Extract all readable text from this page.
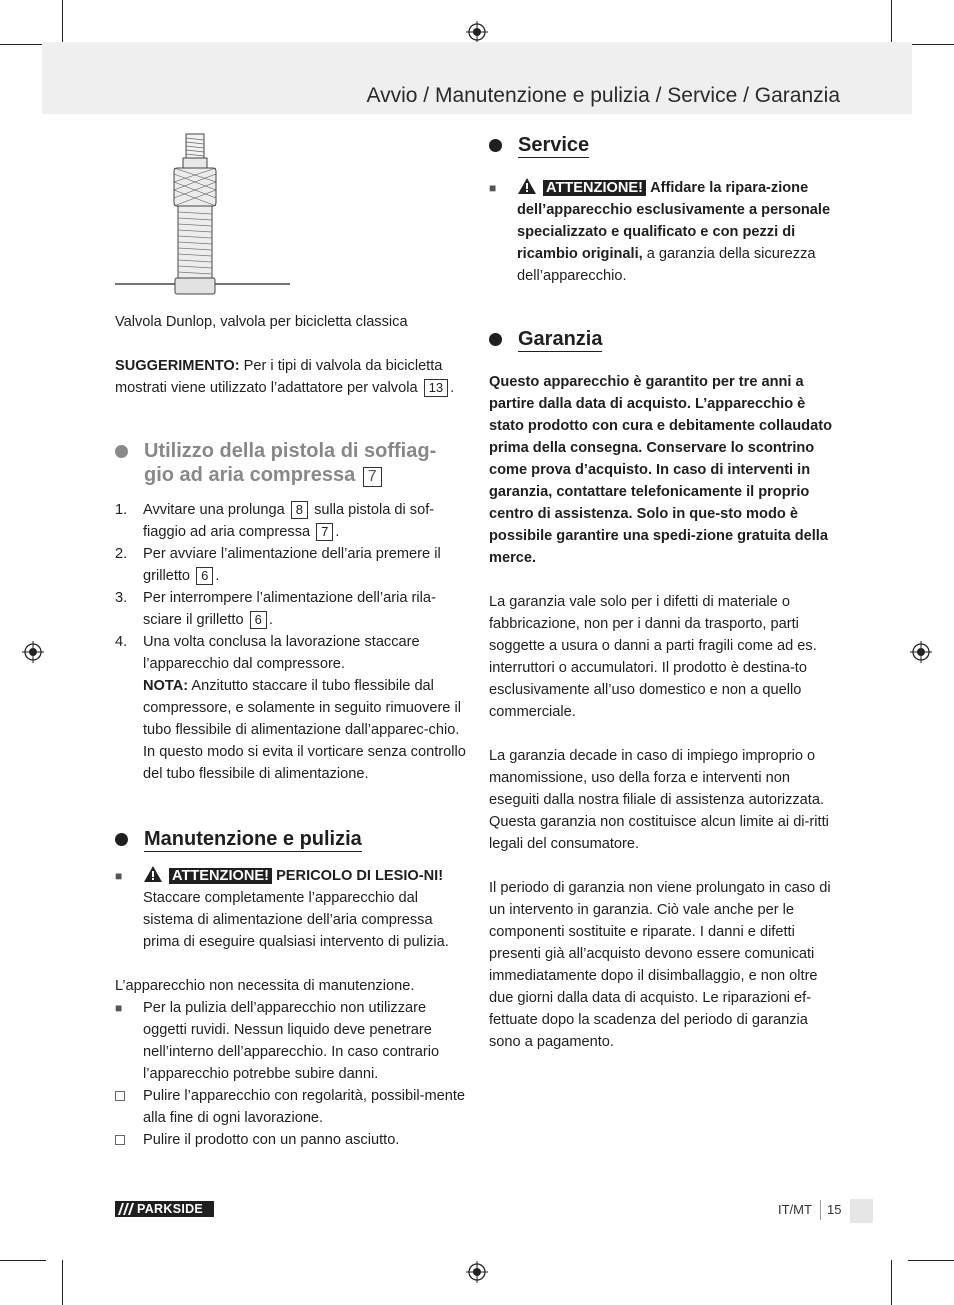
Avvio / Manutenzione e pulizia / Service / Garanzia

Valvola Dunlop, valvola per bicicletta classica

SUGGERIMENTO: Per i tipi di valvola da bicicletta mostrati viene utilizzato l’adattatore per valvola 13 .

Utilizzo della pistola di soffiag-
gio ad aria compressa 7
1. Avvitare una prolunga 8 sulla pistola di sof-fiaggio ad aria compressa 7 .
2. Per avviare l’alimentazione dell’aria premere il grilletto 6 .
3. Per interrompere l’alimentazione dell’aria rila-sciare il grilletto 6 .
4. Una volta conclusa la lavorazione staccare l’apparecchio dal compressore.
NOTA: Anzitutto staccare il tubo flessibile dal compressore, e solamente in seguito rimuovere il tubo flessibile di alimentazione dall’apparec-chio. In questo modo si evita il vorticare senza controllo del tubo flessibile di alimentazione.
Manutenzione e pulizia
■	ATTENZIONE! PERICOLO DI LESIO-NI! Staccare completamente l’apparecchio dal sistema di alimentazione dell’aria compressa prima di eseguire qualsiasi intervento di pulizia.

L’apparecchio non necessita di manutenzione.

■ Per la pulizia dell’apparecchio non utilizzare oggetti ruvidi. Nessun liquido deve penetrare nell’interno dell’apparecchio. In caso contrario l’apparecchio potrebbe subire danni.
Pulire l’apparecchio con regolarità, possibil-mente alla fine di ogni lavorazione.
Pulire il prodotto con un panno asciutto.
Service
■	ATTENZIONE! Affidare la ripara-zione dell’apparecchio esclusivamente a personale specializzato e qualificato e con pezzi di ricambio originali, a garanzia della sicurezza dell’apparecchio.
Garanzia

Questo apparecchio è garantito per tre anni a partire dalla data di acquisto. L’apparecchio è stato prodotto con cura e debitamente collaudato prima della consegna. Conservare lo scontrino come prova d’acquisto. In caso di interventi in garanzia, contattare telefonicamente il proprio centro di assistenza. Solo in que-sto modo è possibile garantire una spedi-zione gratuita della merce.

La garanzia vale solo per i difetti di materiale o fabbricazione, non per i danni da trasporto, parti soggette a usura o danni a parti fragili come ad es. interruttori o accumulatori. Il prodotto è destina-to esclusivamente all’uso domestico e non a quello commerciale.

La garanzia decade in caso di impiego improprio o manomissione, uso della forza e interventi non eseguiti dalla nostra filiale di assistenza autorizzata. Questa garanzia non costituisce alcun limite ai di-ritti legali del consumatore.

Il periodo di garanzia non viene prolungato in caso di un intervento in garanzia. Ciò vale anche per le componenti sostituite e riparate. I danni e difetti presenti già all’acquisto devono essere comunicati immediatamente dopo il disimballaggio, e non oltre due giorni dalla data di acquisto. Le riparazioni ef-fettuate dopo la scadenza del periodo di garanzia sono a pagamento.

PARKSIDE	IT/MT 15
